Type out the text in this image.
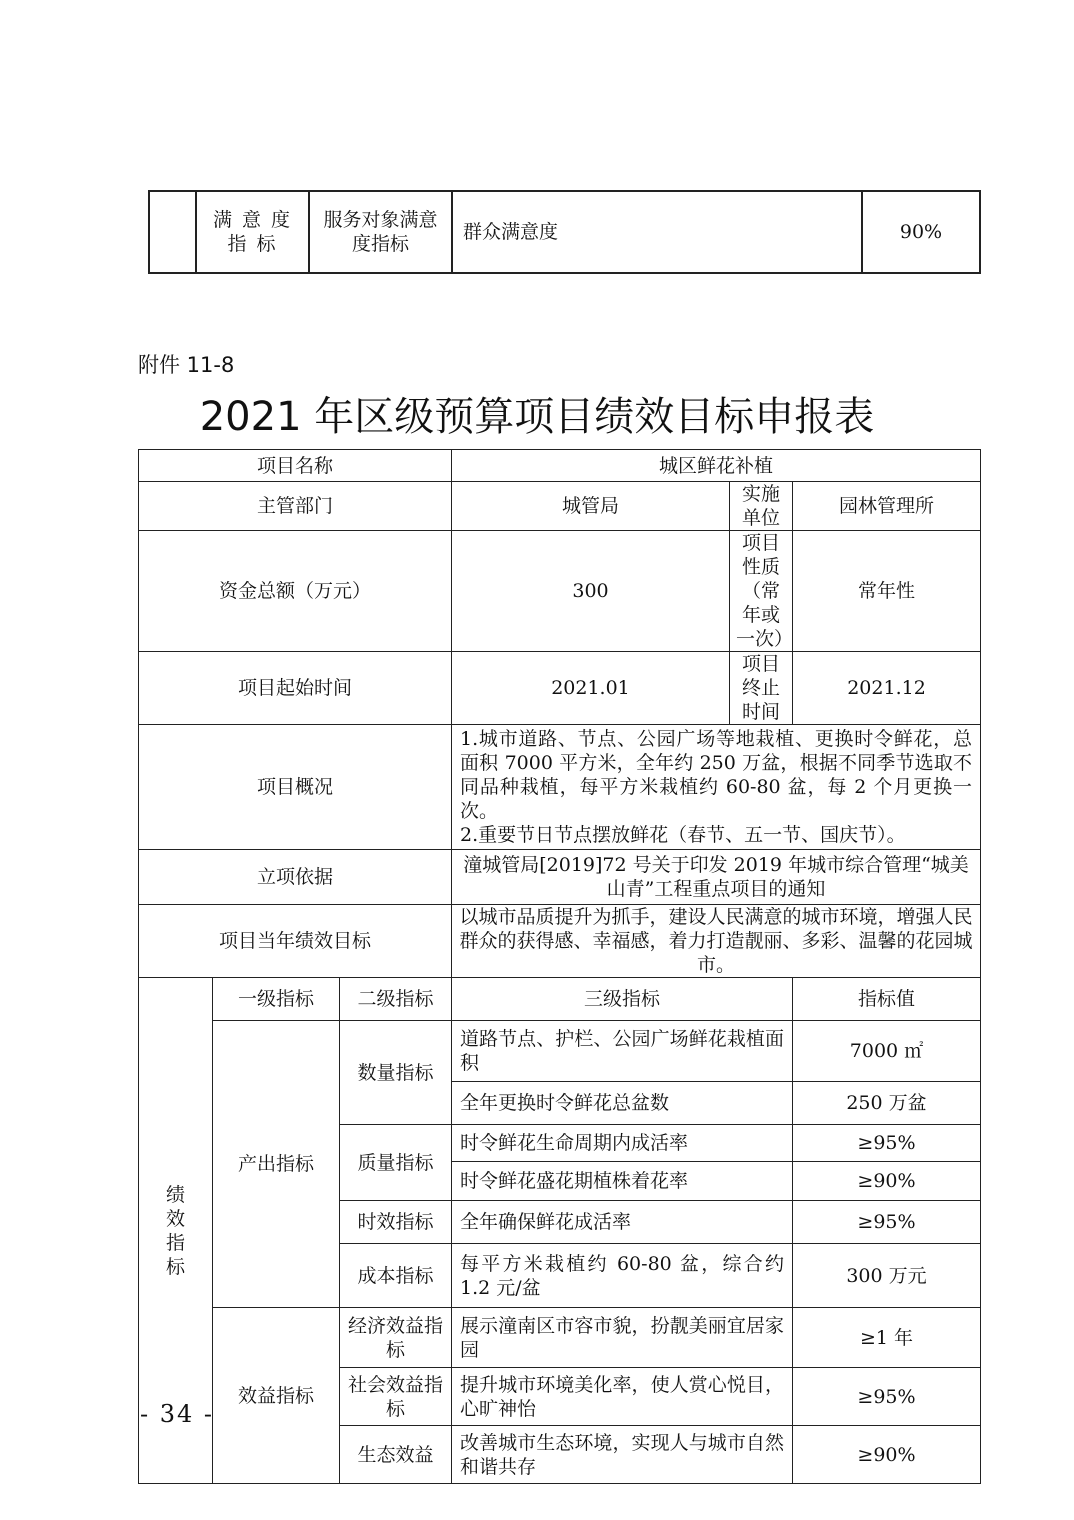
	满 意 度 指 标	服务对象满意度指标	群众满意度	90%
附件 11-8
2021 年区级预算项目绩效目标申报表
项目名称			城区鲜花补植		
主管部门			城管局	实施单位	园林管理所
资金总额（万元）			300	项目性质（常年或一次）	常年性
项目起始时间			2021.01	项目终止时间	2021.12
项目概况			1.城市道路、节点、公园广场等地栽植、更换时令鲜花，总面积 7000 平方米，全年约 250 万盆，根据不同季节选取不同品种栽植，每平方米栽植约 60-80 盆，每 2 个月更换一次。
2.重要节日节点摆放鲜花（春节、五一节、国庆节）。		

立项依据			潼城管局[2019]72 号关于印发 2019 年城市综合管理“城美山青”工程重点项目的通知		
项目当年绩效目标			以城市品质提升为抓手，建设人民满意的城市环境，增强人民群众的获得感、幸福感，着力打造靓丽、多彩、温馨的花园城市。		

绩
效
指
标	一级指标	二级指标	三级指标		指标值
	产出指标	数量指标	道路节点、护栏、公园广场鲜花栽植面积		7000 ㎡
			全年更换时令鲜花总盆数		250 万盆
		质量指标	时令鲜花生命周期内成活率		≥95%
			时令鲜花盛花期植株着花率		≥90%
		时效指标	全年确保鲜花成活率		≥95%
		成本指标	每平方米栽植约 60-80 盆，综合约 1.2 元/盆		300 万元
	效益指标	经济效益指标	展示潼南区市容市貌，扮靓美丽宜居家园		≥1 年
		社会效益指标	提升城市环境美化率，使人赏心悦目，心旷神怡		≥95%
		生态效益	改善城市生态环境，实现人与城市自然和谐共存		≥90%
- 34 -
